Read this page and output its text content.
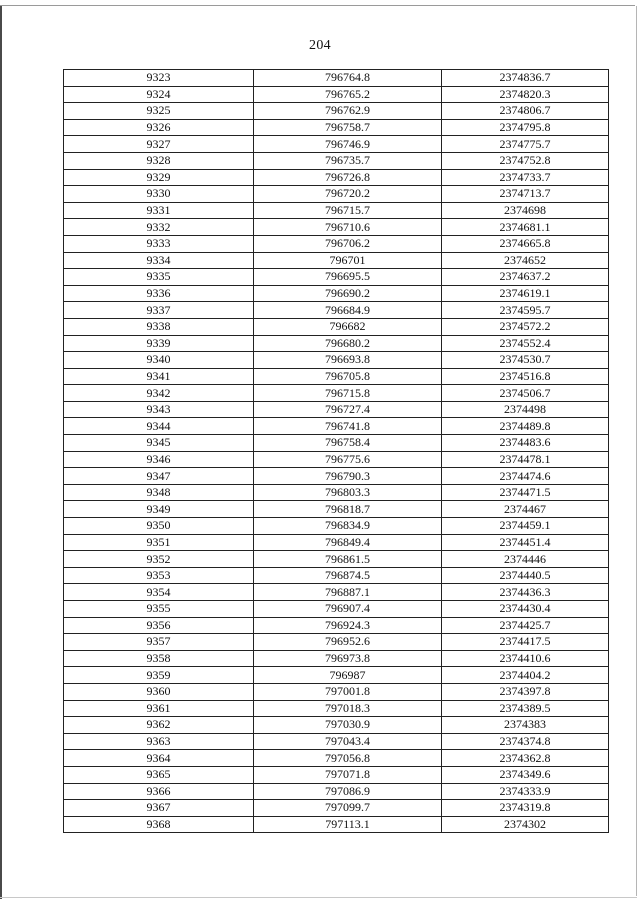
204
9323	796764.8	2374836.7
9324	796765.2	2374820.3
9325	796762.9	2374806.7
9326	796758.7	2374795.8
9327	796746.9	2374775.7
9328	796735.7	2374752.8
9329	796726.8	2374733.7
9330	796720.2	2374713.7
9331	796715.7	2374698
9332	796710.6	2374681.1
9333	796706.2	2374665.8
9334	796701	2374652
9335	796695.5	2374637.2
9336	796690.2	2374619.1
9337	796684.9	2374595.7
9338	796682	2374572.2
9339	796680.2	2374552.4
9340	796693.8	2374530.7
9341	796705.8	2374516.8
9342	796715.8	2374506.7
9343	796727.4	2374498
9344	796741.8	2374489.8
9345	796758.4	2374483.6
9346	796775.6	2374478.1
9347	796790.3	2374474.6
9348	796803.3	2374471.5
9349	796818.7	2374467
9350	796834.9	2374459.1
9351	796849.4	2374451.4
9352	796861.5	2374446
9353	796874.5	2374440.5
9354	796887.1	2374436.3
9355	796907.4	2374430.4
9356	796924.3	2374425.7
9357	796952.6	2374417.5
9358	796973.8	2374410.6
9359	796987	2374404.2
9360	797001.8	2374397.8
9361	797018.3	2374389.5
9362	797030.9	2374383
9363	797043.4	2374374.8
9364	797056.8	2374362.8
9365	797071.8	2374349.6
9366	797086.9	2374333.9
9367	797099.7	2374319.8
9368	797113.1	2374302
